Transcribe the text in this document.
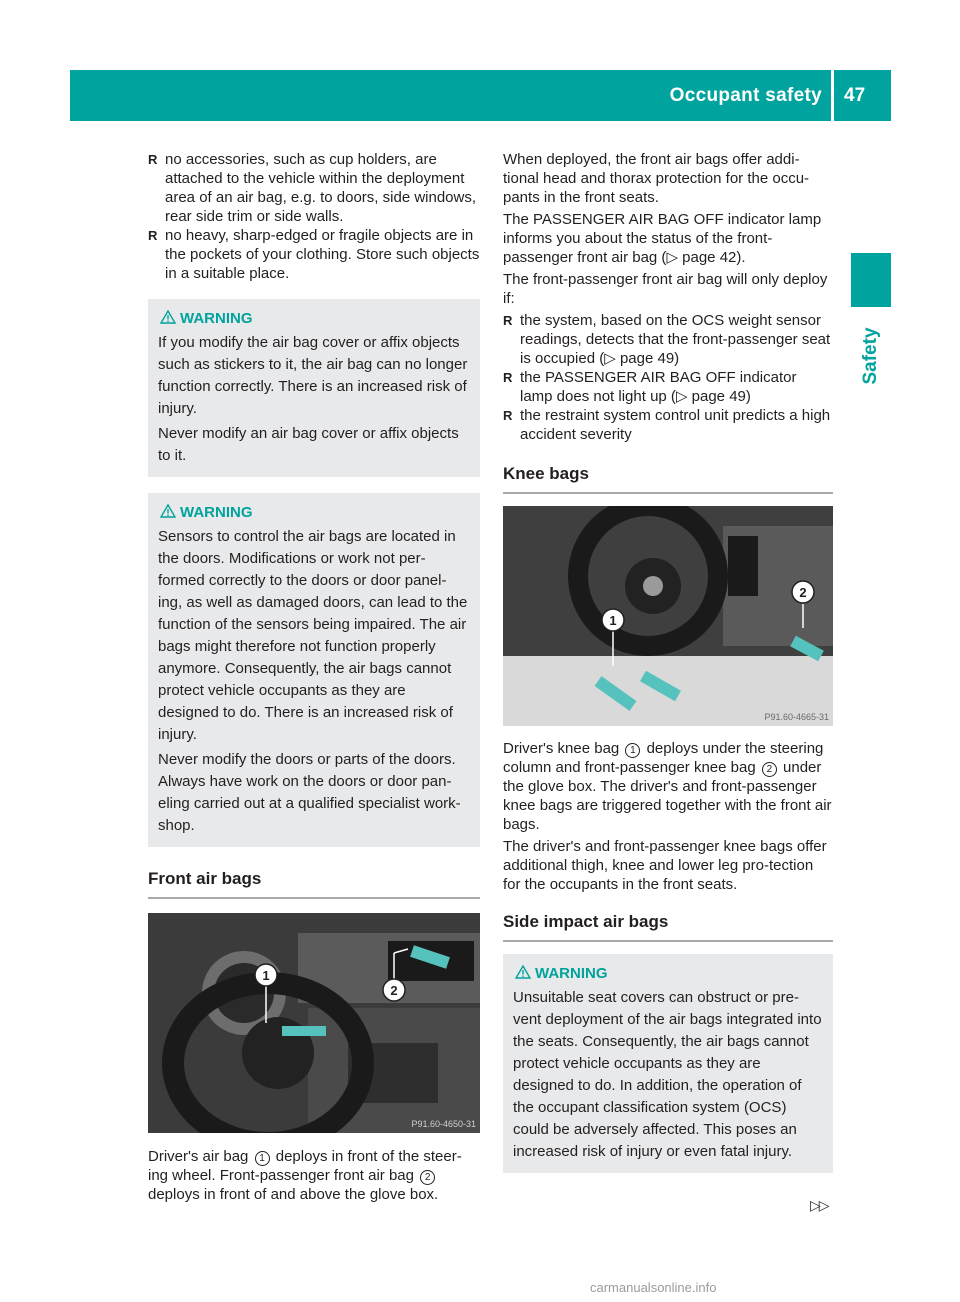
Occupant safety 47
Safety
R no accessories, such as cup holders, are attached to the vehicle within the deployment area of an air bag, e.g. to doors, side windows, rear side trim or side walls.
R no heavy, sharp-edged or fragile objects are in the pockets of your clothing. Store such objects in a suitable place.
WARNING

If you modify the air bag cover or affix objects such as stickers to it, the air bag can no longer function correctly. There is an increased risk of injury.

Never modify an air bag cover or affix objects to it.

WARNING

Sensors to control the air bags are located in the doors. Modifications or work not per-formed correctly to the doors or door panel-ing, as well as damaged doors, can lead to the function of the sensors being impaired. The air bags might therefore not function properly anymore. Consequently, the air bags cannot protect vehicle occupants as they are designed to do. There is an increased risk of injury.

Never modify the doors or parts of the doors. Always have work on the doors or door pan-eling carried out at a qualified specialist work-shop.

Front air bags
1
2
P91.60-4650-31

Driver's air bag 1 deploys in front of the steer-ing wheel. Front-passenger front air bag 2 deploys in front of and above the glove box.

When deployed, the front air bags offer addi-tional head and thorax protection for the occu-pants in the front seats.

The PASSENGER AIR BAG OFF indicator lamp informs you about the status of the front-passenger front air bag (▷ page 42).

The front-passenger front air bag will only deploy if:

R the system, based on the OCS weight sensor readings, detects that the front-passenger seat is occupied (▷ page 49)
R the PASSENGER AIR BAG OFF indicator lamp does not light up (▷ page 49)
R the restraint system control unit predicts a high accident severity
Knee bags
1
2
P91.60-4665-31

Driver's knee bag 1 deploys under the steering column and front-passenger knee bag 2 under the glove box. The driver's and front-passenger knee bags are triggered together with the front air bags.

The driver's and front-passenger knee bags offer additional thigh, knee and lower leg pro-tection for the occupants in the front seats.

Side impact air bags
WARNING

Unsuitable seat covers can obstruct or pre-vent deployment of the air bags integrated into the seats. Consequently, the air bags cannot protect vehicle occupants as they are designed to do. In addition, the operation of the occupant classification system (OCS) could be adversely affected. This poses an increased risk of injury or even fatal injury.

▷▷
carmanualsonline.info
